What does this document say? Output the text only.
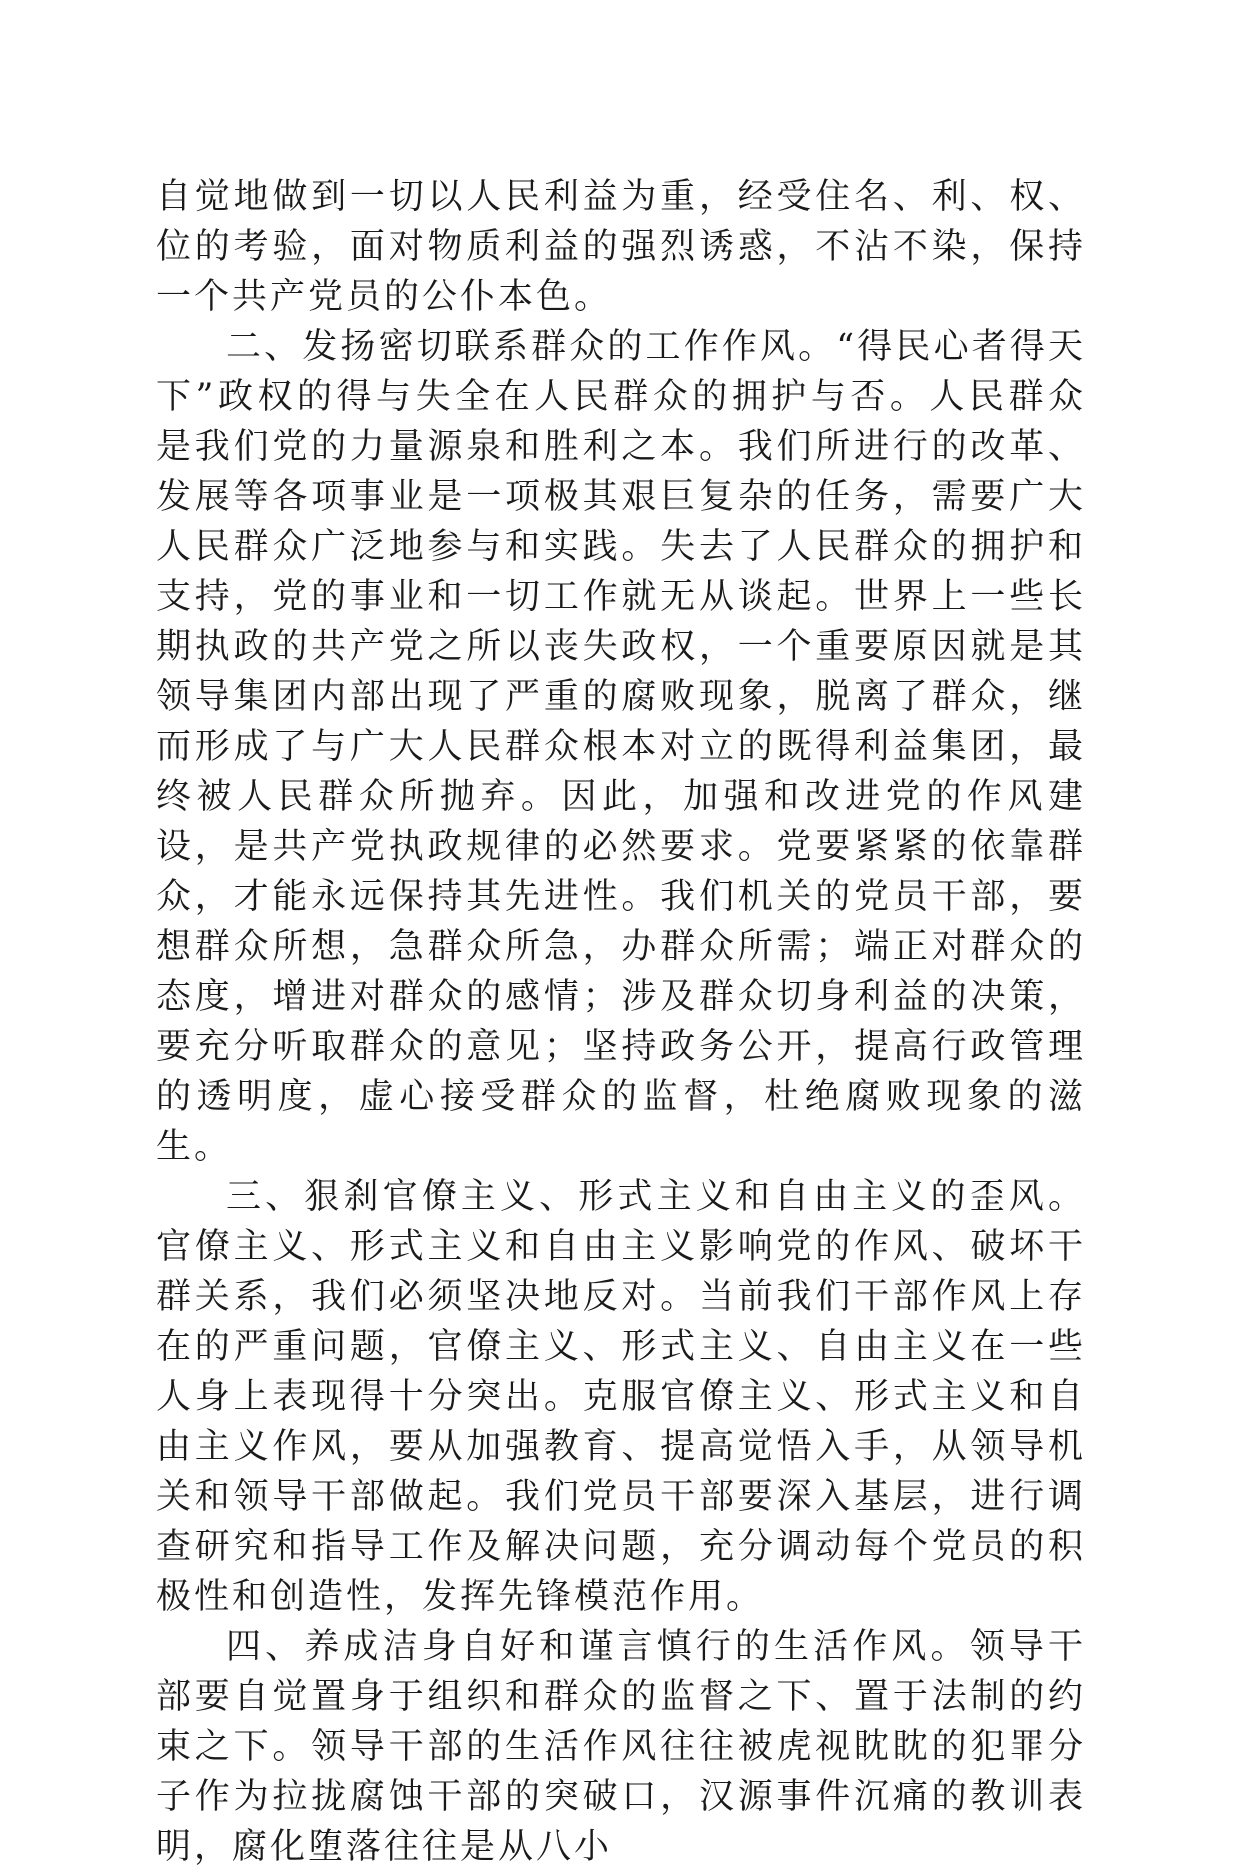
自觉地做到一切以人民利益为重，经受住名、利、权、位的考验，面对物质利益的强烈诱惑，不沾不染，保持一个共产党员的公仆本色。

二、发扬密切联系群众的工作作风。“得民心者得天下”政权的得与失全在人民群众的拥护与否。人民群众是我们党的力量源泉和胜利之本。我们所进行的改革、发展等各项事业是一项极其艰巨复杂的任务，需要广大人民群众广泛地参与和实践。失去了人民群众的拥护和支持，党的事业和一切工作就无从谈起。世界上一些长期执政的共产党之所以丧失政权，一个重要原因就是其领导集团内部出现了严重的腐败现象，脱离了群众，继而形成了与广大人民群众根本对立的既得利益集团，最终被人民群众所抛弃。因此，加强和改进党的作风建设，是共产党执政规律的必然要求。党要紧紧的依靠群众，才能永远保持其先进性。我们机关的党员干部，要想群众所想，急群众所急，办群众所需；端正对群众的态度，增进对群众的感情；涉及群众切身利益的决策，要充分听取群众的意见；坚持政务公开，提高行政管理的透明度，虚心接受群众的监督，杜绝腐败现象的滋生。

三、狠刹官僚主义、形式主义和自由主义的歪风。官僚主义、形式主义和自由主义影响党的作风、破坏干群关系，我们必须坚决地反对。当前我们干部作风上存在的严重问题，官僚主义、形式主义、自由主义在一些人身上表现得十分突出。克服官僚主义、形式主义和自由主义作风，要从加强教育、提高觉悟入手，从领导机关和领导干部做起。我们党员干部要深入基层，进行调查研究和指导工作及解决问题，充分调动每个党员的积极性和创造性，发挥先锋模范作用。

四、养成洁身自好和谨言慎行的生活作风。领导干部要自觉置身于组织和群众的监督之下、置于法制的约束之下。领导干部的生活作风往往被虎视眈眈的犯罪分子作为拉拢腐蚀干部的突破口，汉源事件沉痛的教训表明，腐化堕落往往是从八小
